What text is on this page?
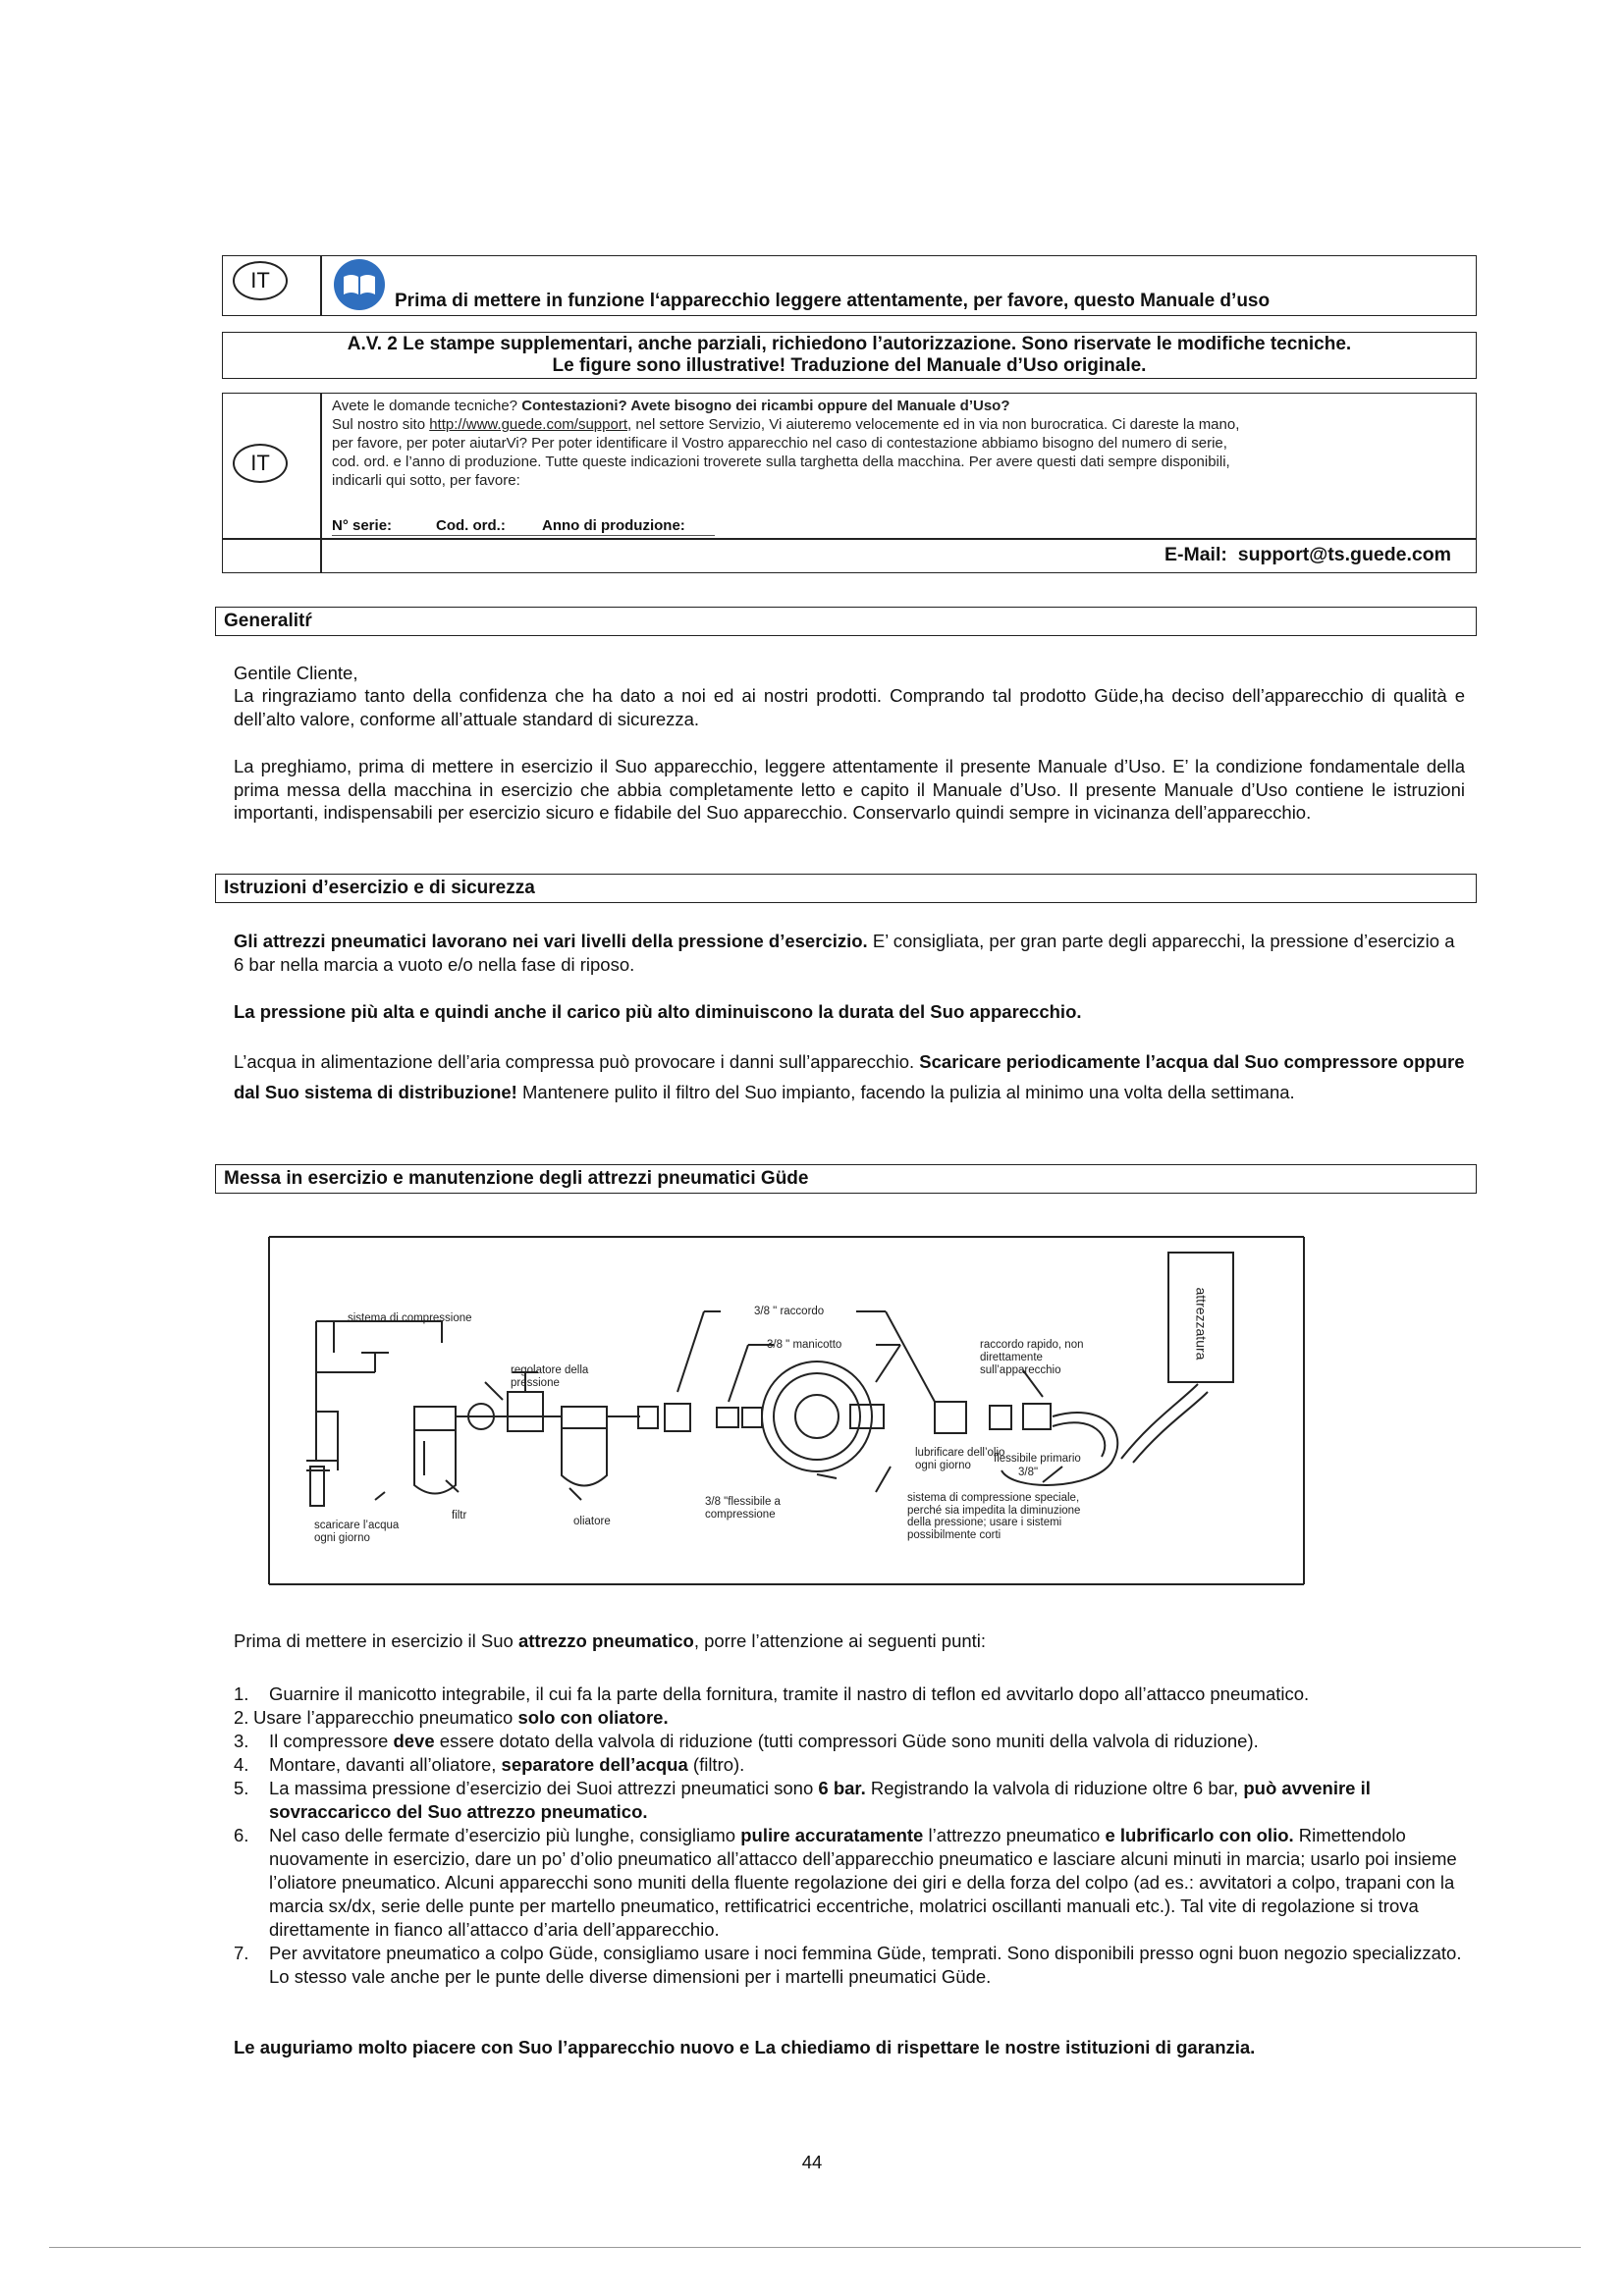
IT
Prima di mettere in funzione l‘apparecchio leggere attentamente, per favore, questo Manuale d’uso
A.V. 2 Le stampe supplementari, anche parziali, richiedono l’autorizzazione. Sono riservate le modifiche tecniche.
Le figure sono illustrative! Traduzione del Manuale d’Uso originale.
IT
Avete le domande tecniche? Contestazioni? Avete bisogno dei ricambi oppure del Manuale d’Uso?
Sul nostro sito http://www.guede.com/support, nel settore Servizio, Vi aiuteremo velocemente ed in via non burocratica. Ci dareste la mano,
per favore, per poter aiutarVi? Per poter identificare il Vostro apparecchio nel caso di contestazione abbiamo bisogno del numero di serie,
cod. ord. e l’anno di produzione. Tutte queste indicazioni troverete sulla targhetta della macchina. Per avere questi dati sempre disponibili,
indicarli qui sotto, per favore:
N° serie:	Cod. ord.: Anno di produzione:
E-Mail: support@ts.guede.com
Generalitŕ
Gentile Cliente,
La ringraziamo tanto della confidenza che ha dato a noi ed ai nostri prodotti. Comprando tal prodotto Güde,ha deciso dell’apparecchio di qualità e dell’alto valore, conforme all’attuale standard di sicurezza.
La preghiamo, prima di mettere in esercizio il Suo apparecchio, leggere attentamente il presente Manuale d’Uso. E’ la condizione fondamentale della prima messa della macchina in esercizio che abbia completamente letto e capito il Manuale d’Uso. Il presente Manuale d’Uso contiene le istruzioni importanti, indispensabili per esercizio sicuro e fidabile del Suo apparecchio. Conservarlo quindi sempre in vicinanza dell’apparecchio.
Istruzioni d’esercizio e di sicurezza
Gli attrezzi pneumatici lavorano nei vari livelli della pressione d’esercizio. E’ consigliata, per gran parte degli apparecchi, la pressione d’esercizio a 6 bar nella marcia a vuoto e/o nella fase di riposo.
La pressione più alta e quindi anche il carico più alto diminuiscono la durata del Suo apparecchio.
L’acqua in alimentazione dell’aria compressa può provocare i danni sull’apparecchio. Scaricare periodicamente l’acqua dal Suo compressore oppure dal Suo sistema di distribuzione! Mantenere pulito il filtro del Suo impianto, facendo la pulizia al minimo una volta della settimana.
Messa in esercizio e manutenzione degli attrezzi pneumatici Güde
sistema di compressione
regolatore della
pressione
3/8 " raccordo
3/8 " manicotto	raccordo rapido, non
direttamente
sull’apparecchio
attrezzatura
lubrificare dell’olio
ogni giorno
flessibile primario
3/8"
3/8 "flessibile a
compressione
sistema di compressione speciale,
perché sia impedita la diminuzione
della pressione; usare i sistemi
possibilmente corti
scaricare l’acqua
ogni giorno
filtr	oliatore
Prima di mettere in esercizio il Suo attrezzo pneumatico, porre l’attenzione ai seguenti punti:
1. Guarnire il manicotto integrabile, il cui fa la parte della fornitura, tramite il nastro di teflon ed avvitarlo dopo all’attacco pneumatico.
2. Usare l’apparecchio pneumatico solo con oliatore.
3. Il compressore deve essere dotato della valvola di riduzione (tutti compressori Güde sono muniti della valvola di riduzione).
4. Montare, davanti all’oliatore, separatore dell’acqua (filtro).
5. La massima pressione d’esercizio dei Suoi attrezzi pneumatici sono 6 bar. Registrando la valvola di riduzione oltre 6 bar, può avvenire il sovraccaricco del Suo attrezzo pneumatico.
6. Nel caso delle fermate d’esercizio più lunghe, consigliamo pulire accuratamente l’attrezzo pneumatico e lubrificarlo con olio. Rimettendolo nuovamente in esercizio, dare un po’ d’olio pneumatico all’attacco dell’apparecchio pneumatico e lasciare alcuni minuti in marcia; usarlo poi insieme l’oliatore pneumatico. Alcuni apparecchi sono muniti della fluente regolazione dei giri e della forza del colpo (ad es.: avvitatori a colpo, trapani con la marcia sx/dx, serie delle punte per martello pneumatico, rettificatrici eccentriche, molatrici oscillanti manuali etc.). Tal vite di regolazione si trova direttamente in fianco all’attacco d’aria dell’apparecchio.
7. Per avvitatore pneumatico a colpo Güde, consigliamo usare i noci femmina Güde, temprati. Sono disponibili presso ogni buon negozio specializzato. Lo stesso vale anche per le punte delle diverse dimensioni per i martelli pneumatici Güde.
Le auguriamo molto piacere con Suo l’apparecchio nuovo e La chiediamo di rispettare le nostre istituzioni di garanzia.
44
